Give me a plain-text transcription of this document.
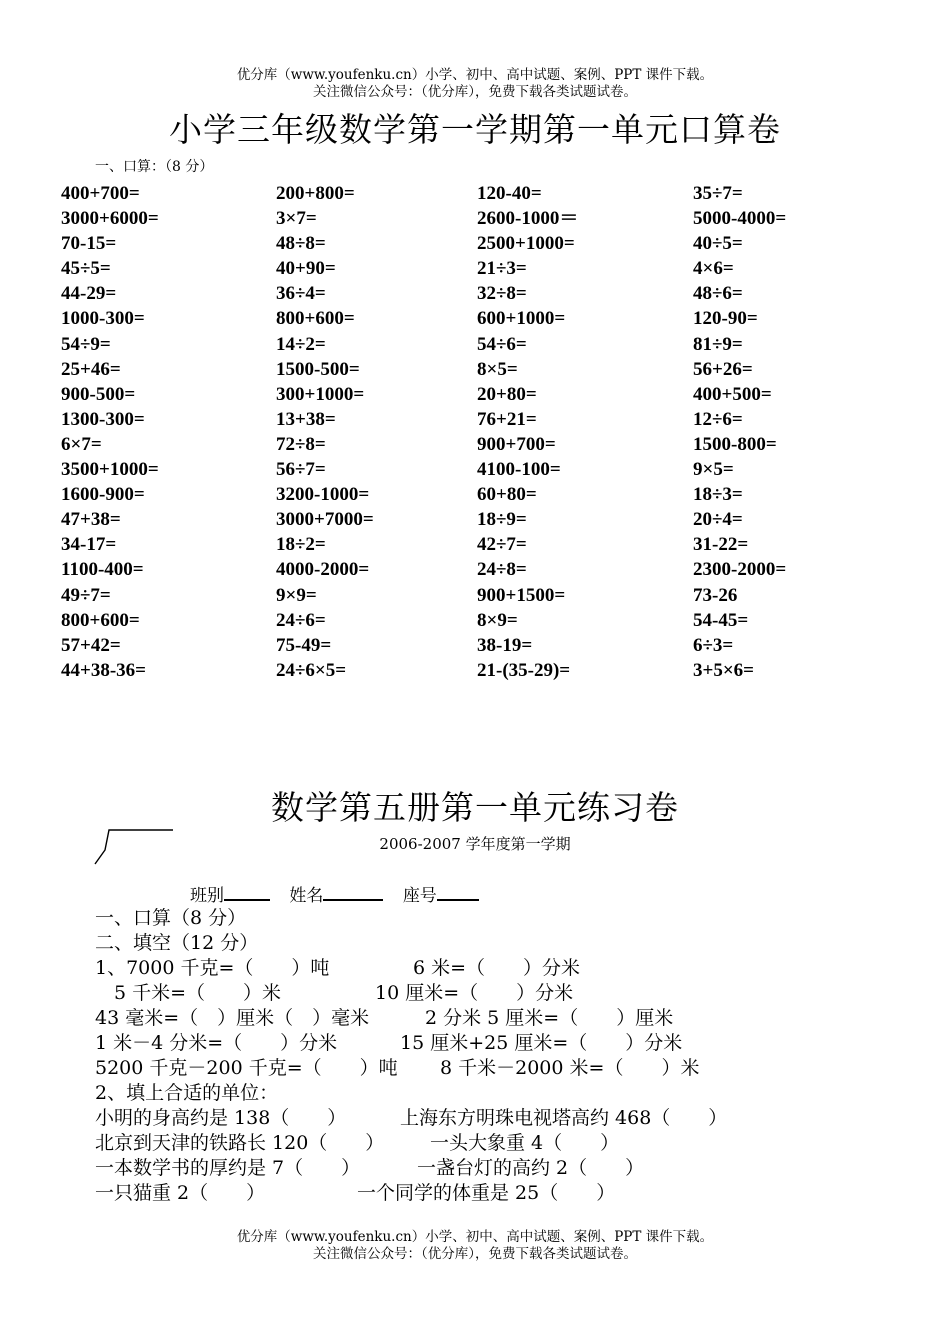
优分库（www.youfenku.cn）小学、初中、高中试题、案例、PPT 课件下载。
关注微信公众号：（优分库），免费下载各类试题试卷。
小学三年级数学第一学期第一单元口算卷
一、口算：（8 分）
400+700=	200+800=	120-40=	35÷7=
3000+6000=	3×7=	2600-1000＝	5000-4000=
70-15=	48÷8=	2500+1000=	40÷5=
45÷5=	40+90=	21÷3=	4×6=
44-29=	36÷4=	32÷8=	48÷6=
1000-300=	800+600=	600+1000=	120-90=
54÷9=	14÷2=	54÷6=	81÷9=
25+46=	1500-500=	8×5=	56+26=
900-500=	300+1000=	20+80=	400+500=
1300-300=	13+38=	76+21=	12÷6=
6×7=	72÷8=	900+700=	1500-800=
3500+1000=	56÷7=	4100-100=	9×5=
1600-900=	3200-1000=	60+80=	18÷3=
47+38=	3000+7000=	18÷9=	20÷4=
34-17=	18÷2=	42÷7=	31-22=
1100-400=	4000-2000=	24÷8=	2300-2000=
49÷7=	9×9=	900+1500=	73-26
800+600=	24÷6=	8×9=	54-45=
57+42=	75-49=	38-19=	6÷3=
44+38-36=	24÷6×5=	21-(35-29)=	3+5×6=
数学第五册第一单元练习卷
2006-2007 学年度第一学期
班别	姓名	座号
一、口算（8 分）
二、填空（12 分）
1、7000 千克=（　　）吨	6 米=（　　）分米
　5 千米=（　　）米	10 厘米=（　　）分米
43 毫米=（　）厘米（　）毫米	2 分米 5 厘米=（　　）厘米
1 米－4 分米=（　　）分米	15 厘米+25 厘米=（　　）分米
5200 千克－200 千克=（　　）吨 8 千米－2000 米=（　　）米
2、填上合适的单位：
小明的身高约是 138（　　）	上海东方明珠电视塔高约 468（　　）
北京到天津的铁路长 120（　　） 一头大象重 4（　　）
一本数学书的厚约是 7（　　）	一盏台灯的高约 2（　　）
一只猫重 2（　　）	一个同学的体重是 25（　　）
优分库（www.youfenku.cn）小学、初中、高中试题、案例、PPT 课件下载。
关注微信公众号：（优分库），免费下载各类试题试卷。
